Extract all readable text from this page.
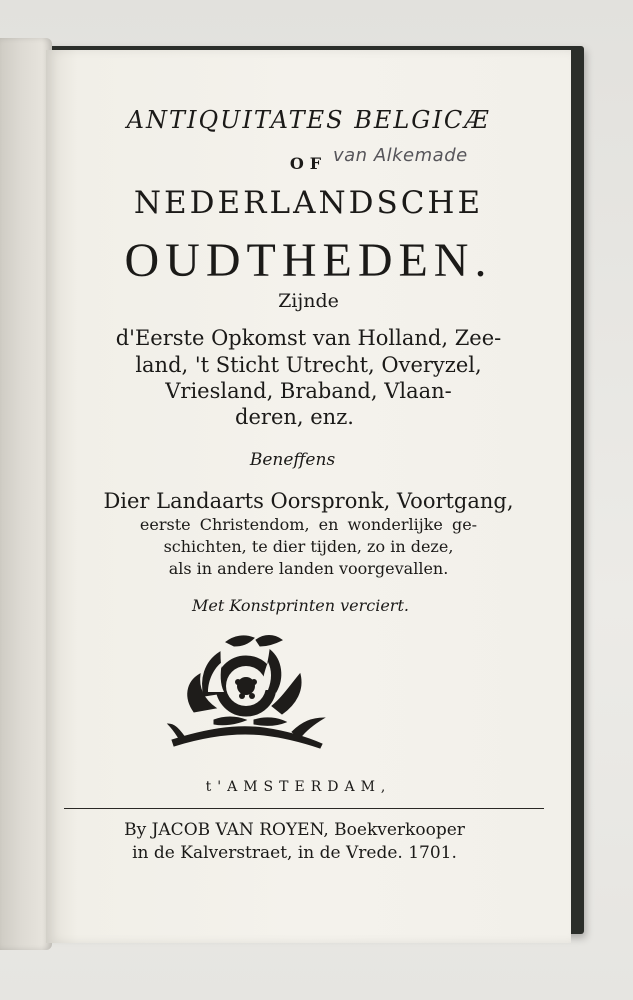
ANTIQUITATES BELGICÆ

OF

NEDERLANDSCHE

OUDTHEDEN.

Zijnde

d'Eerste Opkomst van Holland, Zee-

land, 't Sticht Utrecht, Overyzel,

Vriesland, Braband, Vlaan-

deren, enz.

Beneffens

Dier Landaarts Oorspronk, Voortgang,

eerste Christendom, en wonderlijke ge-

schichten, te dier tijden, zo in deze,

als in andere landen voorgevallen.

Met Konstprinten verciert.

t'AMSTERDAM,

By JACOB VAN ROYEN, Boekverkooper

in de Kalverstraet, in de Vrede. 1701.

van Alkemade
